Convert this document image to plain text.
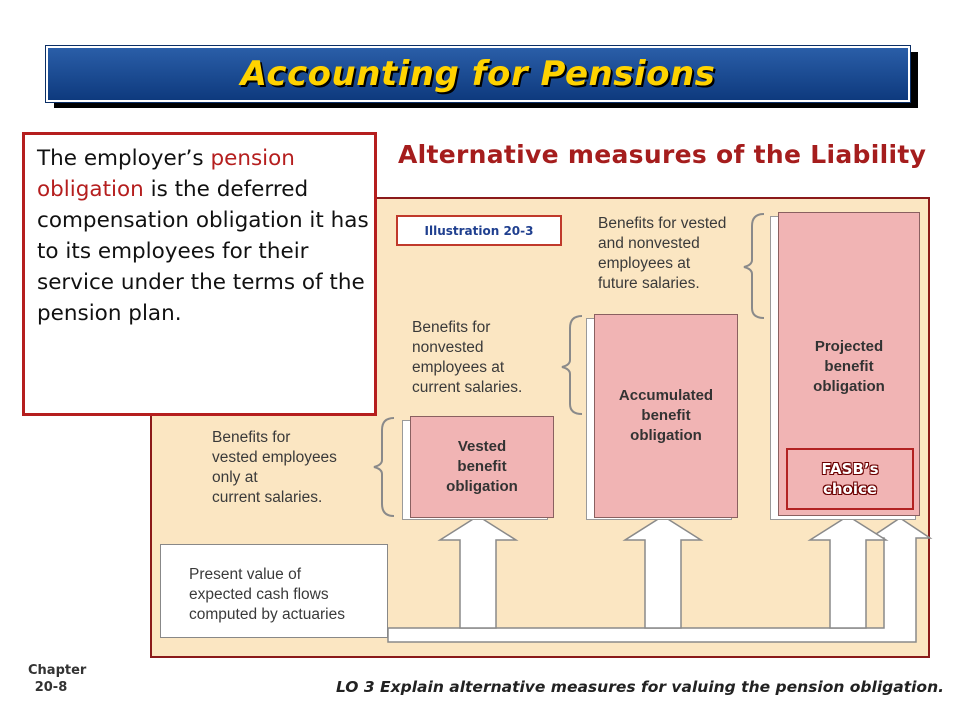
Accounting for Pensions
Alternative measures of the Liability
Illustration 20-3	Benefits for vested
and nonvested
employees at
future salaries.
Benefits for
nonvested
employees at
current salaries.
Benefits for
vested employees
only at
current salaries.
Vested
benefit
obligation
Accumulated
benefit
obligation
Projected
benefit
obligation
FASB’s
choice
Present value of
expected cash flows
computed by actuaries
The employer’s pension obligation is the deferred compensation obligation it has to its employees for their service under the terms of the pension plan.
Chapter
20-8	LO 3 Explain alternative measures for valuing the pension obligation.
